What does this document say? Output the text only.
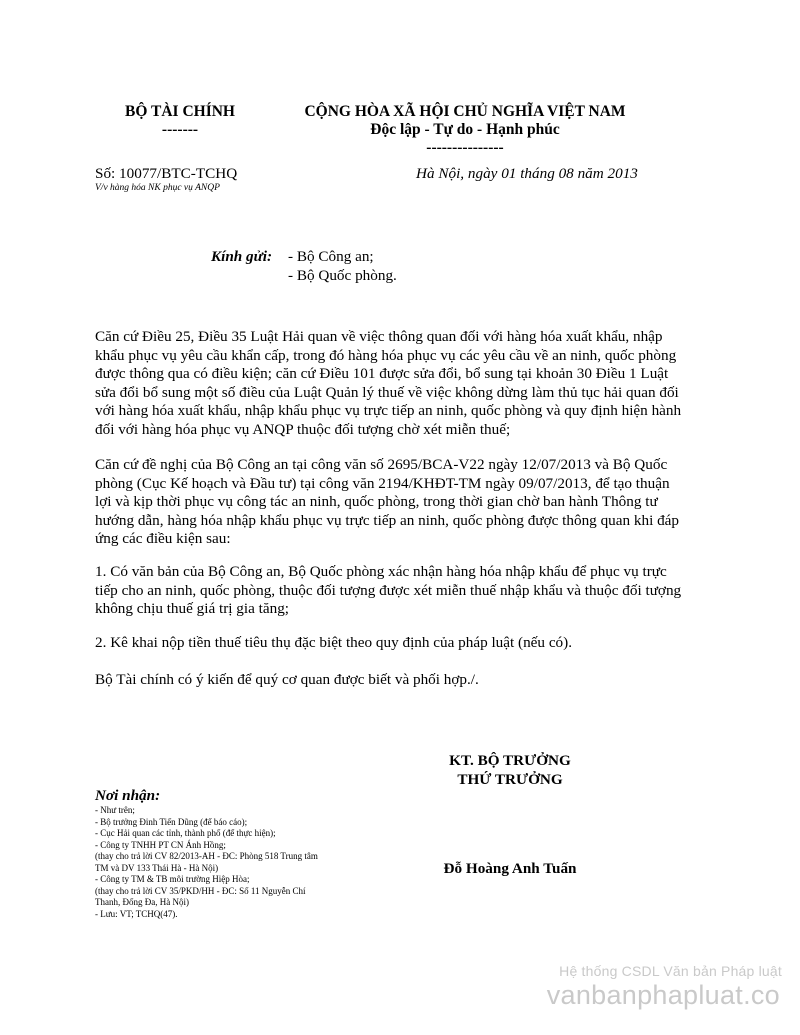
BỘ TÀI CHÍNH
-------
CỘNG HÒA XÃ HỘI CHỦ NGHĨA VIỆT NAM
Độc lập - Tự do - Hạnh phúc
---------------
Số: 10077/BTC-TCHQ
V/v hàng hóa NK phục vụ ANQP
Hà Nội, ngày 01 tháng 08 năm 2013
Kính gửi: - Bộ Công an;
- Bộ Quốc phòng.
Căn cứ Điều 25, Điều 35 Luật Hải quan về việc thông quan đối với hàng hóa xuất khẩu, nhập
khẩu phục vụ yêu cầu khẩn cấp, trong đó hàng hóa phục vụ các yêu cầu về an ninh, quốc phòng
được thông qua có điều kiện; căn cứ Điều 101 được sửa đổi, bổ sung tại khoản 30 Điều 1 Luật
sửa đổi bổ sung một số điều của Luật Quản lý thuế về việc không dừng làm thủ tục hải quan đối
với hàng hóa xuất khẩu, nhập khẩu phục vụ trực tiếp an ninh, quốc phòng và quy định hiện hành
đối với hàng hóa phục vụ ANQP thuộc đối tượng chờ xét miễn thuế;
Căn cứ đề nghị của Bộ Công an tại công văn số 2695/BCA-V22 ngày 12/07/2013 và Bộ Quốc
phòng (Cục Kế hoạch và Đầu tư) tại công văn 2194/KHĐT-TM ngày 09/07/2013, để tạo thuận
lợi và kịp thời phục vụ công tác an ninh, quốc phòng, trong thời gian chờ ban hành Thông tư
hướng dẫn, hàng hóa nhập khẩu phục vụ trực tiếp an ninh, quốc phòng được thông quan khi đáp
ứng các điều kiện sau:
1. Có văn bản của Bộ Công an, Bộ Quốc phòng xác nhận hàng hóa nhập khẩu để phục vụ trực
tiếp cho an ninh, quốc phòng, thuộc đối tượng được xét miễn thuế nhập khẩu và thuộc đối tượng
không chịu thuế giá trị gia tăng;
2. Kê khai nộp tiền thuế tiêu thụ đặc biệt theo quy định của pháp luật (nếu có).
Bộ Tài chính có ý kiến để quý cơ quan được biết và phối hợp./.
KT. BỘ TRƯỞNG
THỨ TRƯỞNG
Đỗ Hoàng Anh Tuấn
Nơi nhận:
- Như trên;
- Bộ trưởng Đinh Tiến Dũng (để báo cáo);
- Cục Hải quan các tỉnh, thành phố (để thực hiện);
- Công ty TNHH PT CN Ánh Hồng;
(thay cho trả lời CV 82/2013-AH - ĐC: Phòng 518 Trung tâm
TM và DV 133 Thái Hà - Hà Nội)
- Công ty TM & TB môi trường Hiệp Hòa;
(thay cho trả lời CV 35/PKD/HH - ĐC: Số 11 Nguyễn Chí
Thanh, Đống Đa, Hà Nội)
- Lưu: VT; TCHQ(47).
Hệ thống CSDL Văn bản Pháp luật
vanbanphapluat.co
